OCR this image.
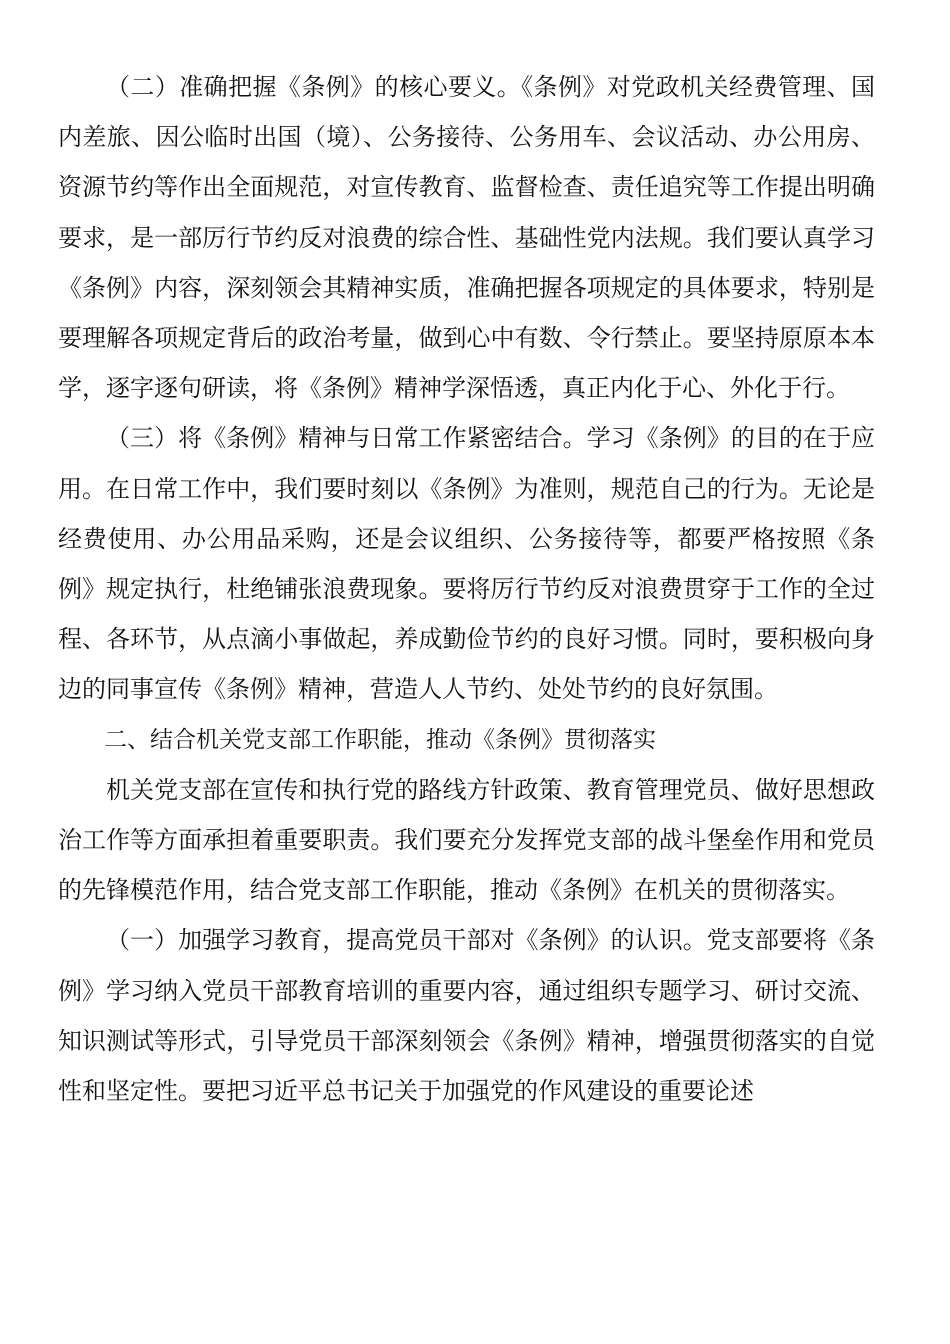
（二）准确把握《条例》的核心要义。《条例》对党政机关经费管理、国内差旅、因公临时出国（境）、公务接待、公务用车、会议活动、办公用房、资源节约等作出全面规范，对宣传教育、监督检查、责任追究等工作提出明确要求，是一部厉行节约反对浪费的综合性、基础性党内法规。我们要认真学习《条例》内容，深刻领会其精神实质，准确把握各项规定的具体要求，特别是要理解各项规定背后的政治考量，做到心中有数、令行禁止。要坚持原原本本学，逐字逐句研读，将《条例》精神学深悟透，真正内化于心、外化于行。

（三）将《条例》精神与日常工作紧密结合。学习《条例》的目的在于应用。在日常工作中，我们要时刻以《条例》为准则，规范自己的行为。无论是经费使用、办公用品采购，还是会议组织、公务接待等，都要严格按照《条例》规定执行，杜绝铺张浪费现象。要将厉行节约反对浪费贯穿于工作的全过程、各环节，从点滴小事做起，养成勤俭节约的良好习惯。同时，要积极向身边的同事宣传《条例》精神，营造人人节约、处处节约的良好氛围。

二、结合机关党支部工作职能，推动《条例》贯彻落实

机关党支部在宣传和执行党的路线方针政策、教育管理党员、做好思想政治工作等方面承担着重要职责。我们要充分发挥党支部的战斗堡垒作用和党员的先锋模范作用，结合党支部工作职能，推动《条例》在机关的贯彻落实。

（一）加强学习教育，提高党员干部对《条例》的认识。党支部要将《条例》学习纳入党员干部教育培训的重要内容，通过组织专题学习、研讨交流、知识测试等形式，引导党员干部深刻领会《条例》精神，增强贯彻落实的自觉性和坚定性。要把习近平总书记关于加强党的作风建设的重要论述
